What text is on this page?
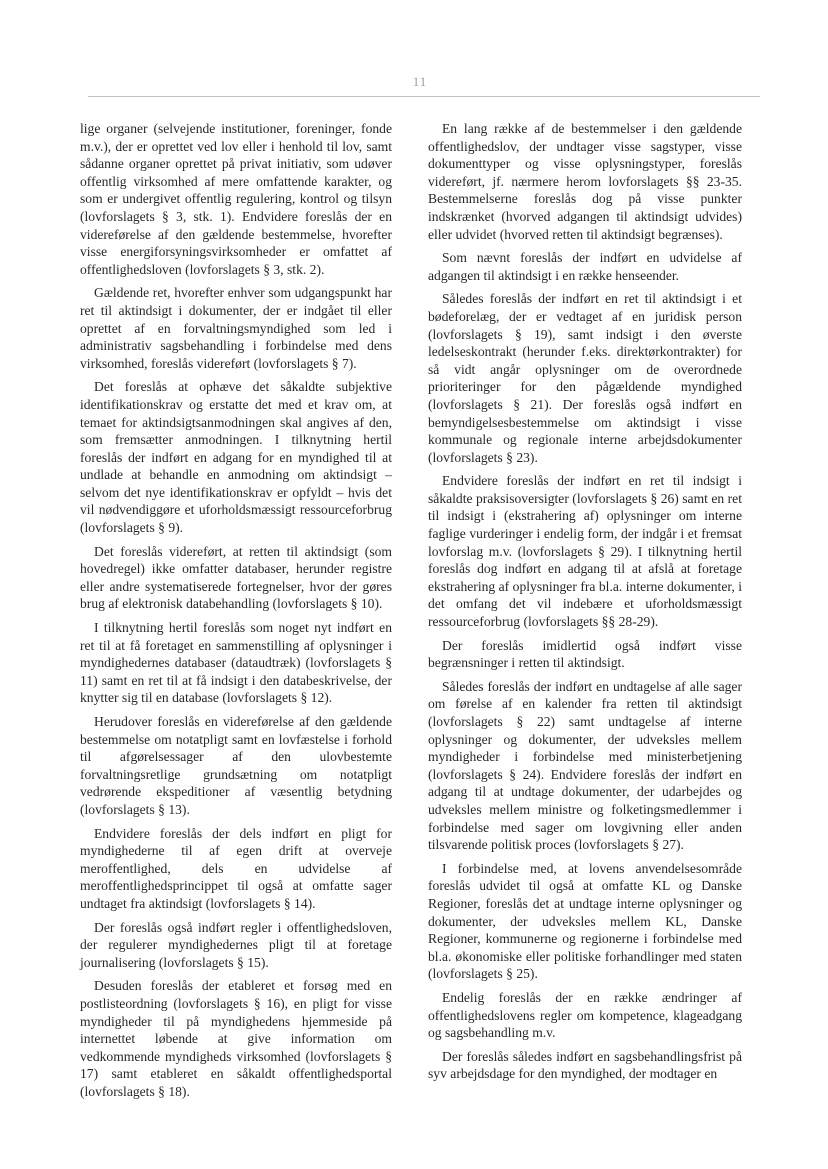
11

lige organer (selvejende institutioner, foreninger, fonde m.v.), der er oprettet ved lov eller i henhold til lov, samt sådanne organer oprettet på privat initiativ, som udøver offentlig virksomhed af mere omfattende karakter, og som er undergivet offentlig regulering, kontrol og tilsyn (lovforslagets § 3, stk. 1). Endvidere foreslås der en videreførelse af den gældende bestemmelse, hvorefter visse energiforsyningsvirksomheder er omfattet af offentlighedsloven (lovforslagets § 3, stk. 2).

Gældende ret, hvorefter enhver som udgangspunkt har ret til aktindsigt i dokumenter, der er indgået til eller oprettet af en forvaltningsmyndighed som led i administrativ sagsbehandling i forbindelse med dens virksomhed, foreslås videreført (lovforslagets § 7).

Det foreslås at ophæve det såkaldte subjektive identifikationskrav og erstatte det med et krav om, at temaet for aktindsigtsanmodningen skal angives af den, som fremsætter anmodningen. I tilknytning hertil foreslås der indført en adgang for en myndighed til at undlade at behandle en anmodning om aktindsigt – selvom det nye identifikationskrav er opfyldt – hvis det vil nødvendiggøre et uforholdsmæssigt ressourceforbrug (lovforslagets § 9).

Det foreslås videreført, at retten til aktindsigt (som hovedregel) ikke omfatter databaser, herunder registre eller andre systematiserede fortegnelser, hvor der gøres brug af elektronisk databehandling (lovforslagets § 10).

I tilknytning hertil foreslås som noget nyt indført en ret til at få foretaget en sammenstilling af oplysninger i myndighedernes databaser (dataudtræk) (lovforslagets § 11) samt en ret til at få indsigt i den databeskrivelse, der knytter sig til en database (lovforslagets § 12).

Herudover foreslås en videreførelse af den gældende bestemmelse om notatpligt samt en lovfæstelse i forhold til afgørelsessager af den ulovbestemte forvaltningsretlige grundsætning om notatpligt vedrørende ekspeditioner af væsentlig betydning (lovforslagets § 13).

Endvidere foreslås der dels indført en pligt for myndighederne til af egen drift at overveje meroffentlighed, dels en udvidelse af meroffentlighedsprincippet til også at omfatte sager undtaget fra aktindsigt (lovforslagets § 14).

Der foreslås også indført regler i offentlighedsloven, der regulerer myndighedernes pligt til at foretage journalisering (lovforslagets § 15).

Desuden foreslås der etableret et forsøg med en postlisteordning (lovforslagets § 16), en pligt for visse myndigheder til på myndighedens hjemmeside på internettet løbende at give information om vedkommende myndigheds virksomhed (lovforslagets § 17) samt etableret en såkaldt offentlighedsportal (lovforslagets § 18).

En lang række af de bestemmelser i den gældende offentlighedslov, der undtager visse sagstyper, visse dokumenttyper og visse oplysningstyper, foreslås videreført, jf. nærmere herom lovforslagets §§ 23-35. Bestemmelserne foreslås dog på visse punkter indskrænket (hvorved adgangen til aktindsigt udvides) eller udvidet (hvorved retten til aktindsigt begrænses).

Som nævnt foreslås der indført en udvidelse af adgangen til aktindsigt i en række henseender.

Således foreslås der indført en ret til aktindsigt i et bødeforelæg, der er vedtaget af en juridisk person (lovforslagets § 19), samt indsigt i den øverste ledelseskontrakt (herunder f.eks. direktørkontrakter) for så vidt angår oplysninger om de overordnede prioriteringer for den pågældende myndighed (lovforslagets § 21). Der foreslås også indført en bemyndigelsesbestemmelse om aktindsigt i visse kommunale og regionale interne arbejdsdokumenter (lovforslagets § 23).

Endvidere foreslås der indført en ret til indsigt i såkaldte praksisoversigter (lovforslagets § 26) samt en ret til indsigt i (ekstrahering af) oplysninger om interne faglige vurderinger i endelig form, der indgår i et fremsat lovforslag m.v. (lovforslagets § 29). I tilknytning hertil foreslås dog indført en adgang til at afslå at foretage ekstrahering af oplysninger fra bl.a. interne dokumenter, i det omfang det vil indebære et uforholdsmæssigt ressourceforbrug (lovforslagets §§ 28-29).

Der foreslås imidlertid også indført visse begrænsninger i retten til aktindsigt.

Således foreslås der indført en undtagelse af alle sager om førelse af en kalender fra retten til aktindsigt (lovforslagets § 22) samt undtagelse af interne oplysninger og dokumenter, der udveksles mellem myndigheder i forbindelse med ministerbetjening (lovforslagets § 24). Endvidere foreslås der indført en adgang til at undtage dokumenter, der udarbejdes og udveksles mellem ministre og folketingsmedlemmer i forbindelse med sager om lovgivning eller anden tilsvarende politisk proces (lovforslagets § 27).

I forbindelse med, at lovens anvendelsesområde foreslås udvidet til også at omfatte KL og Danske Regioner, foreslås det at undtage interne oplysninger og dokumenter, der udveksles mellem KL, Danske Regioner, kommunerne og regionerne i forbindelse med bl.a. økonomiske eller politiske forhandlinger med staten (lovforslagets § 25).

Endelig foreslås der en række ændringer af offentlighedslovens regler om kompetence, klageadgang og sagsbehandling m.v.

Der foreslås således indført en sagsbehandlingsfrist på syv arbejdsdage for den myndighed, der modtager en
